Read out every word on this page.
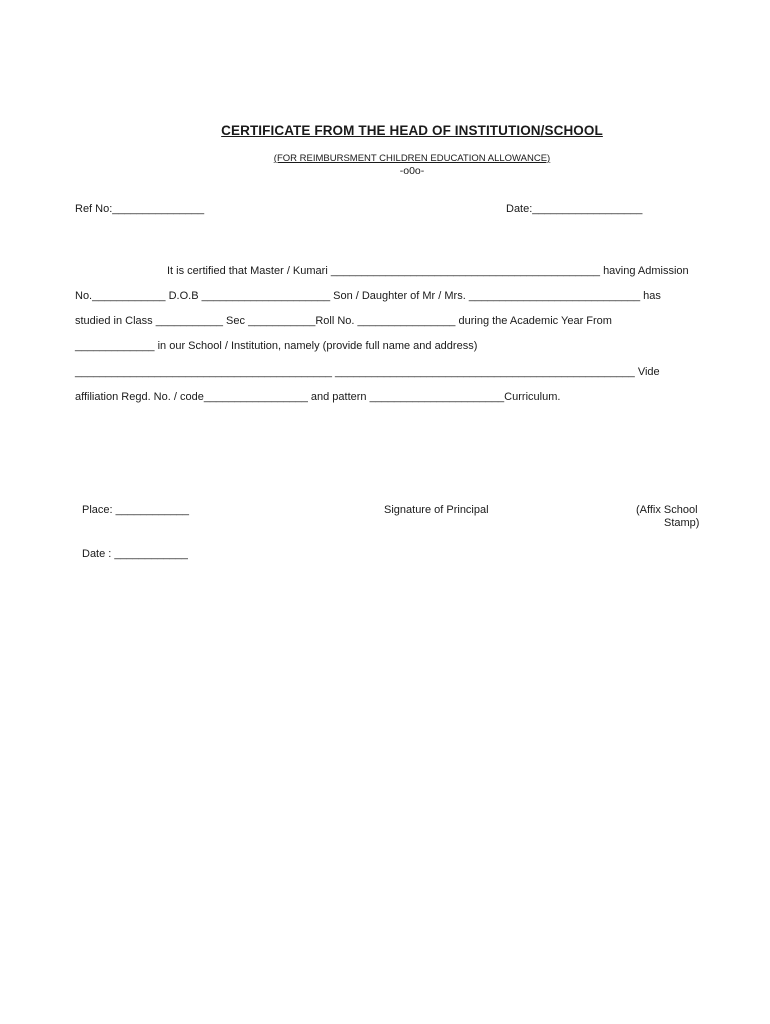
CERTIFICATE FROM THE HEAD OF INSTITUTION/SCHOOL
(FOR REIMBURSMENT CHILDREN EDUCATION ALLOWANCE)
-o0o-
Ref No:_______________	Date:__________________
It is certified that Master / Kumari ____________________________________________ having Admission
No.____________ D.O.B _____________________ Son / Daughter of Mr / Mrs. ____________________________ has
studied in Class ___________ Sec ___________Roll No. ________________ during the Academic Year From
_____________ in our School / Institution, namely (provide full name and address)
__________________________________________ _________________________________________________ Vide
affiliation Regd. No. / code_________________ and pattern ______________________Curriculum.
Place: ____________	Signature of Principal	(Affix School
Stamp)
Date : ____________
